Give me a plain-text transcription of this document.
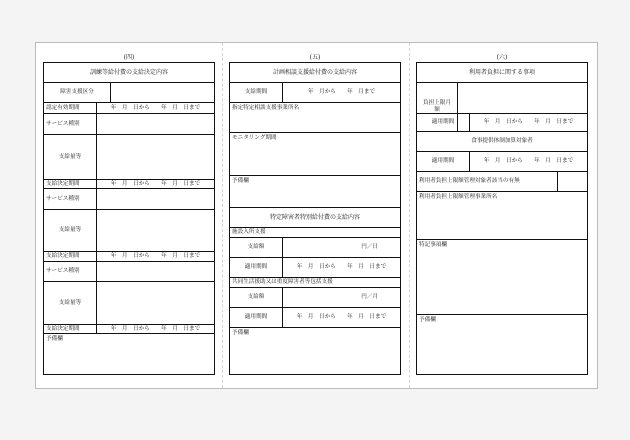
(四)
訓練等給付費の支給決定内容
障害支援区分
認定有効期間	年　月　日から　　年　月　日まで
サービス種別
支給量等
支給決定期間	年　月　日から　　年　月　日まで
サービス種別
支給量等
支給決定期間	年　月　日から　　年　月　日まで
サービス種別
支給量等
支給決定期間	年　月　日から　　年　月　日まで
予備欄
(五)
計画相談支援給付費の支給内容
支給期間	年　月から　　年　月まで
指定特定相談支援事業所名
モニタリング期間
予備欄
特定障害者特別給付費の支給内容
施設入所支援
支給額	円／日
適用期間	年　月　日から　　年　月　日まで
共同生活援助又は重度障害者等包括支援
支給額	円／月
適用期間	年　月　日から　　年　月　日まで
予備欄
(六)
利用者負担に関する事項
負担上限月額
適用期間	年　月　日から　　年　月　日まで
食事提供体制加算対象者
適用期間	年　月　日から　　年　月　日まで
利用者負担上限額管理対象者該当の有無
利用者負担上限額管理事業所名
特記事項欄
予備欄
